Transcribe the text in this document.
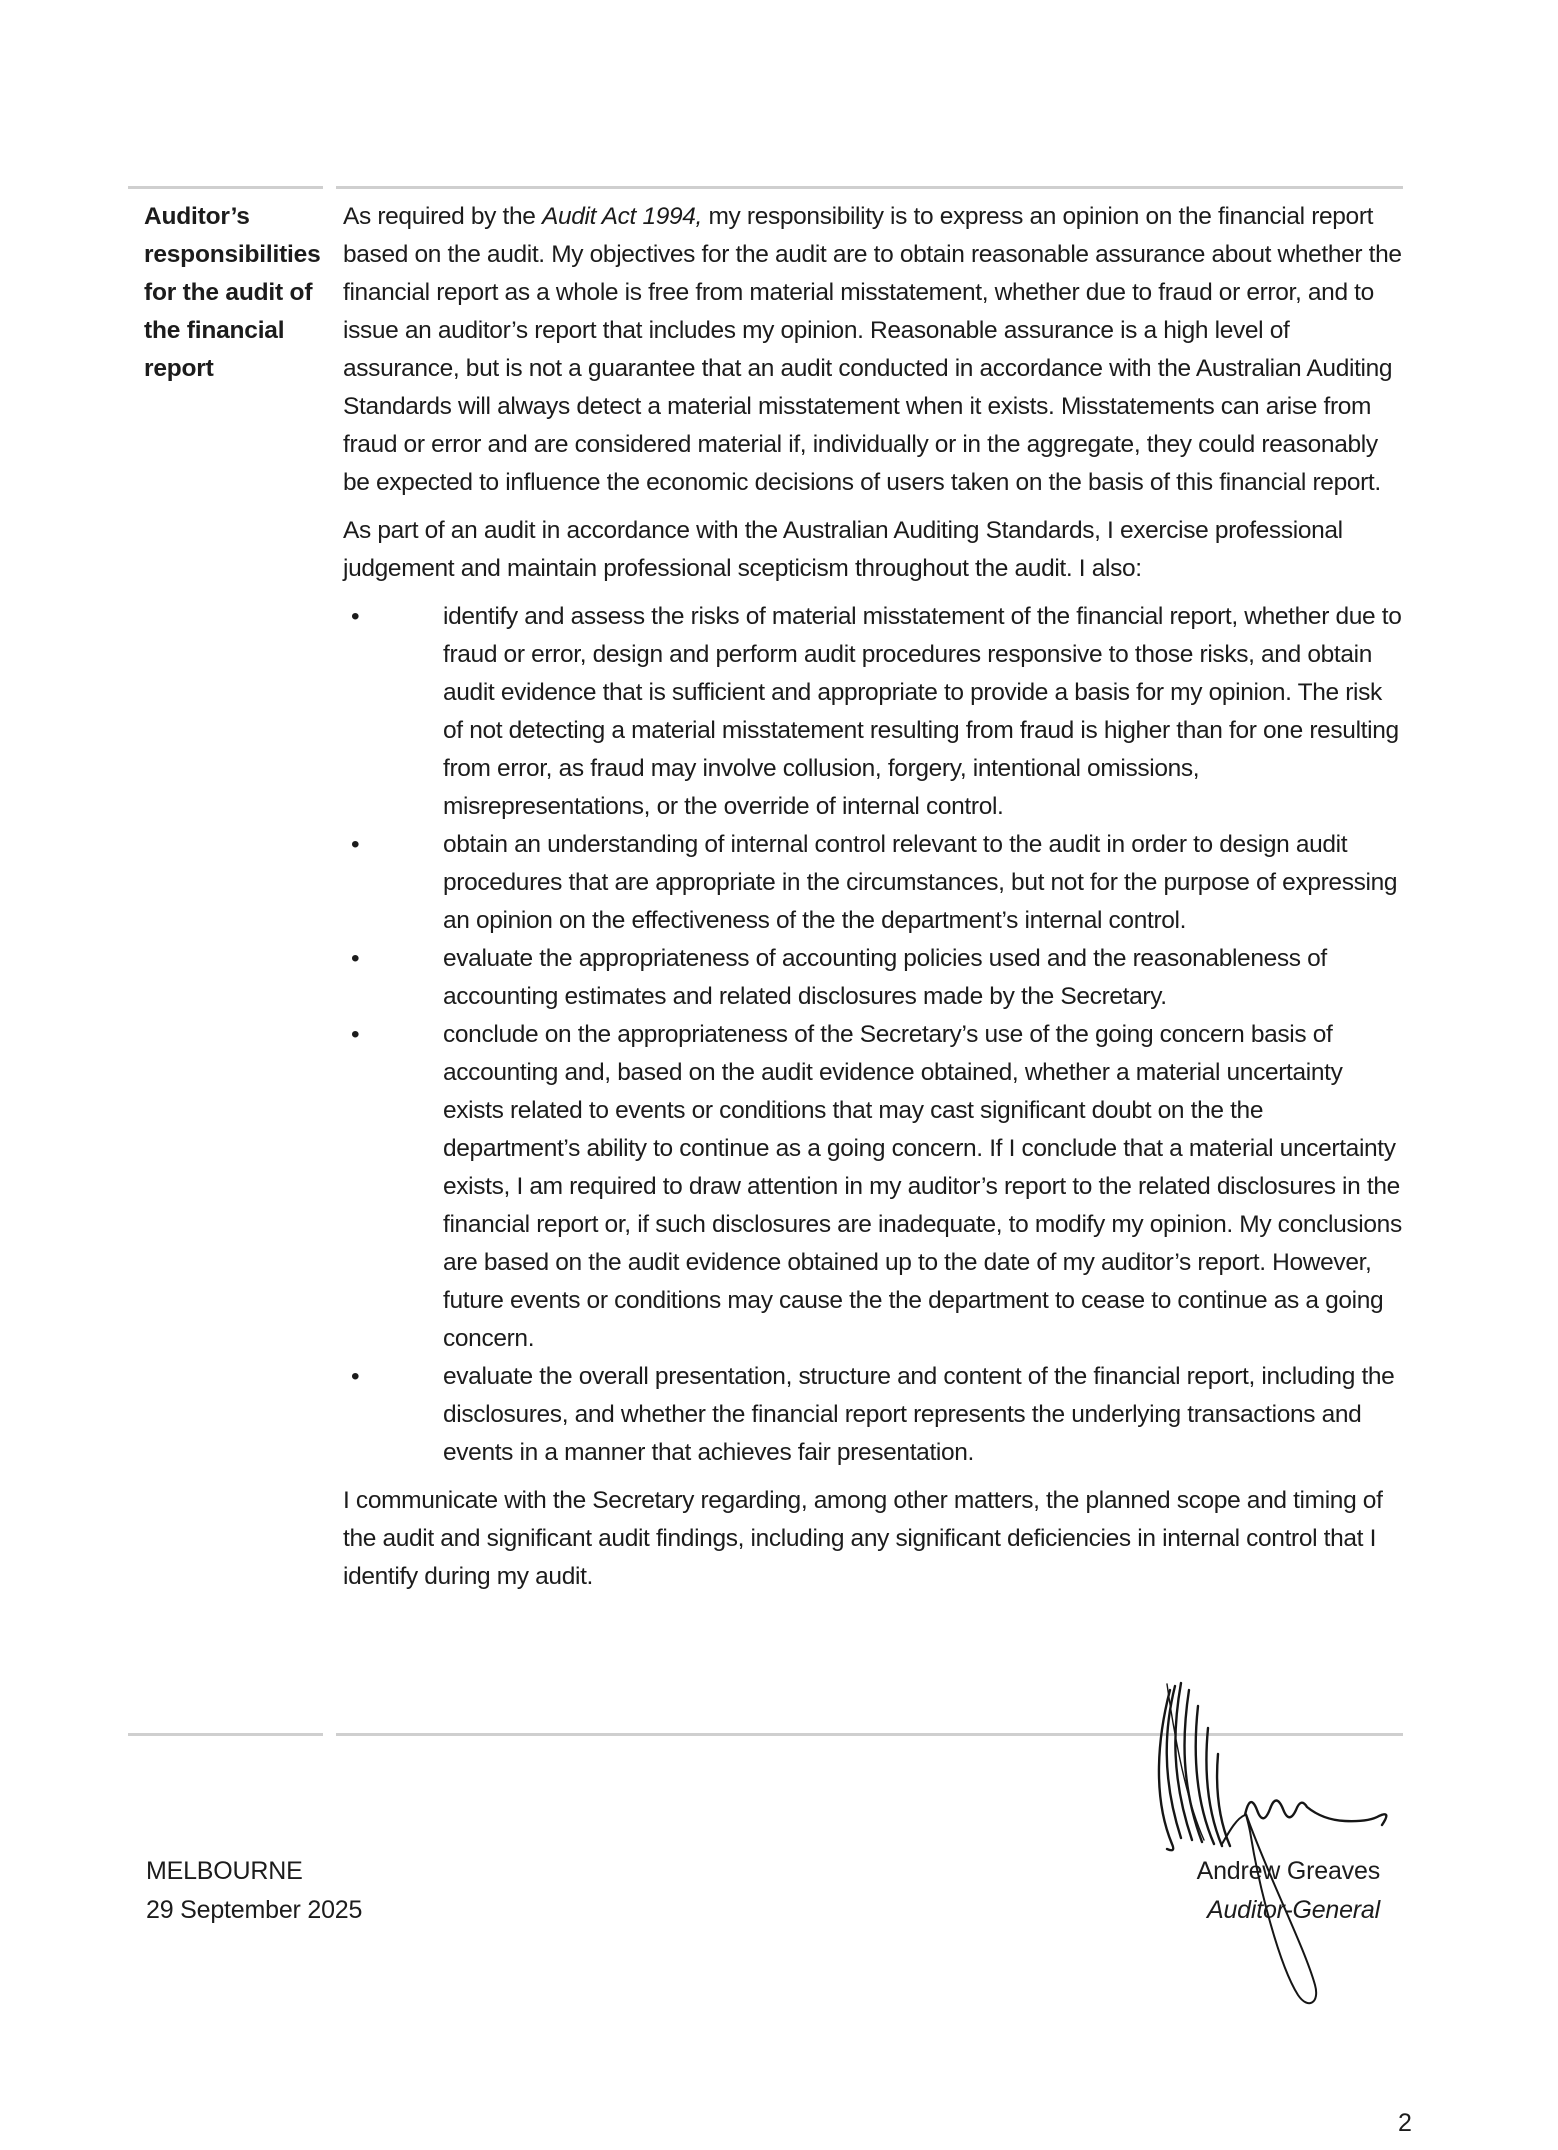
Auditor’s responsibilities for the audit of the financial report

As required by the Audit Act 1994, my responsibility is to express an opinion on the financial report based on the audit. My objectives for the audit are to obtain reasonable assurance about whether the financial report as a whole is free from material misstatement, whether due to fraud or error, and to issue an auditor’s report that includes my opinion. Reasonable assurance is a high level of assurance, but is not a guarantee that an audit conducted in accordance with the Australian Auditing Standards will always detect a material misstatement when it exists. Misstatements can arise from fraud or error and are considered material if, individually or in the aggregate, they could reasonably be expected to influence the economic decisions of users taken on the basis of this financial report.

As part of an audit in accordance with the Australian Auditing Standards, I exercise professional judgement and maintain professional scepticism throughout the audit. I also:

• identify and assess the risks of material misstatement of the financial report, whether due to fraud or error, design and perform audit procedures responsive to those risks, and obtain audit evidence that is sufficient and appropriate to provide a basis for my opinion. The risk of not detecting a material misstatement resulting from fraud is higher than for one resulting from error, as fraud may involve collusion, forgery, intentional omissions, misrepresentations, or the override of internal control.
• obtain an understanding of internal control relevant to the audit in order to design audit procedures that are appropriate in the circumstances, but not for the purpose of expressing an opinion on the effectiveness of the the department’s internal control.
• evaluate the appropriateness of accounting policies used and the reasonableness of accounting estimates and related disclosures made by the Secretary.
• conclude on the appropriateness of the Secretary’s use of the going concern basis of accounting and, based on the audit evidence obtained, whether a material uncertainty exists related to events or conditions that may cast significant doubt on the the department’s ability to continue as a going concern. If I conclude that a material uncertainty exists, I am required to draw attention in my auditor’s report to the related disclosures in the financial report or, if such disclosures are inadequate, to modify my opinion. My conclusions are based on the audit evidence obtained up to the date of my auditor’s report. However, future events or conditions may cause the the department to cease to continue as a going concern.
• evaluate the overall presentation, structure and content of the financial report, including the disclosures, and whether the financial report represents the underlying transactions and events in a manner that achieves fair presentation.

I communicate with the Secretary regarding, among other matters, the planned scope and timing of the audit and significant audit findings, including any significant deficiencies in internal control that I identify during my audit.

MELBOURNE
29 September 2025
Andrew Greaves
Auditor-General
2
